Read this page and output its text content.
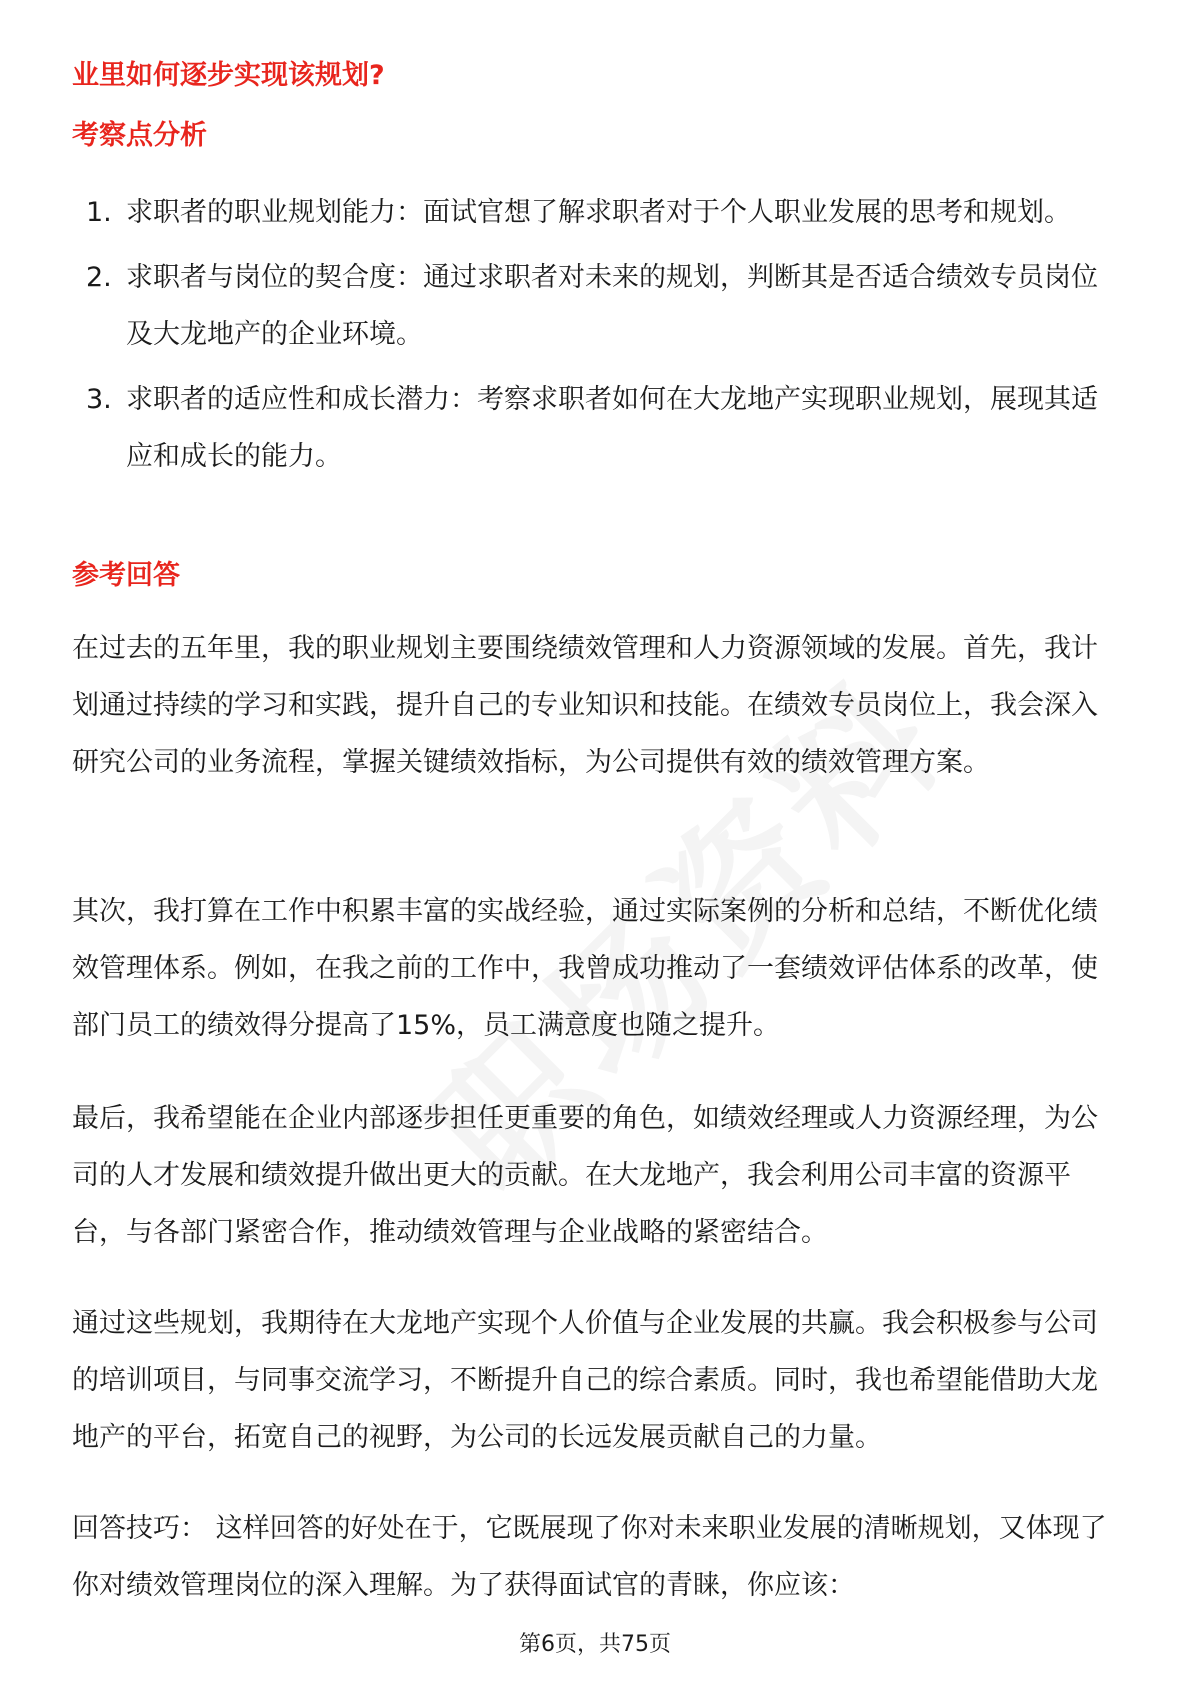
业里如何逐步实现该规划?
考察点分析
1. 求职者的职业规划能力：面试官想了解求职者对于个人职业发展的思考和规划。
2. 求职者与岗位的契合度：通过求职者对未来的规划，判断其是否适合绩效专员岗位及大龙地产的企业环境。
3. 求职者的适应性和成长潜力：考察求职者如何在大龙地产实现职业规划，展现其适应和成长的能力。
参考回答

在过去的五年里，我的职业规划主要围绕绩效管理和人力资源领域的发展。首先，我计划通过持续的学习和实践，提升自己的专业知识和技能。在绩效专员岗位上，我会深入研究公司的业务流程，掌握关键绩效指标，为公司提供有效的绩效管理方案。

其次，我打算在工作中积累丰富的实战经验，通过实际案例的分析和总结，不断优化绩效管理体系。例如，在我之前的工作中，我曾成功推动了一套绩效评估体系的改革，使部门员工的绩效得分提高了15%，员工满意度也随之提升。

最后，我希望能在企业内部逐步担任更重要的角色，如绩效经理或人力资源经理，为公司的人才发展和绩效提升做出更大的贡献。在大龙地产，我会利用公司丰富的资源平台，与各部门紧密合作，推动绩效管理与企业战略的紧密结合。

通过这些规划，我期待在大龙地产实现个人价值与企业发展的共赢。我会积极参与公司的培训项目，与同事交流学习，不断提升自己的综合素质。同时，我也希望能借助大龙地产的平台，拓宽自己的视野，为公司的长远发展贡献自己的力量。

回答技巧： 这样回答的好处在于，它既展现了你对未来职业发展的清晰规划，又体现了你对绩效管理岗位的深入理解。为了获得面试官的青睐，你应该：

第6页，共75页
